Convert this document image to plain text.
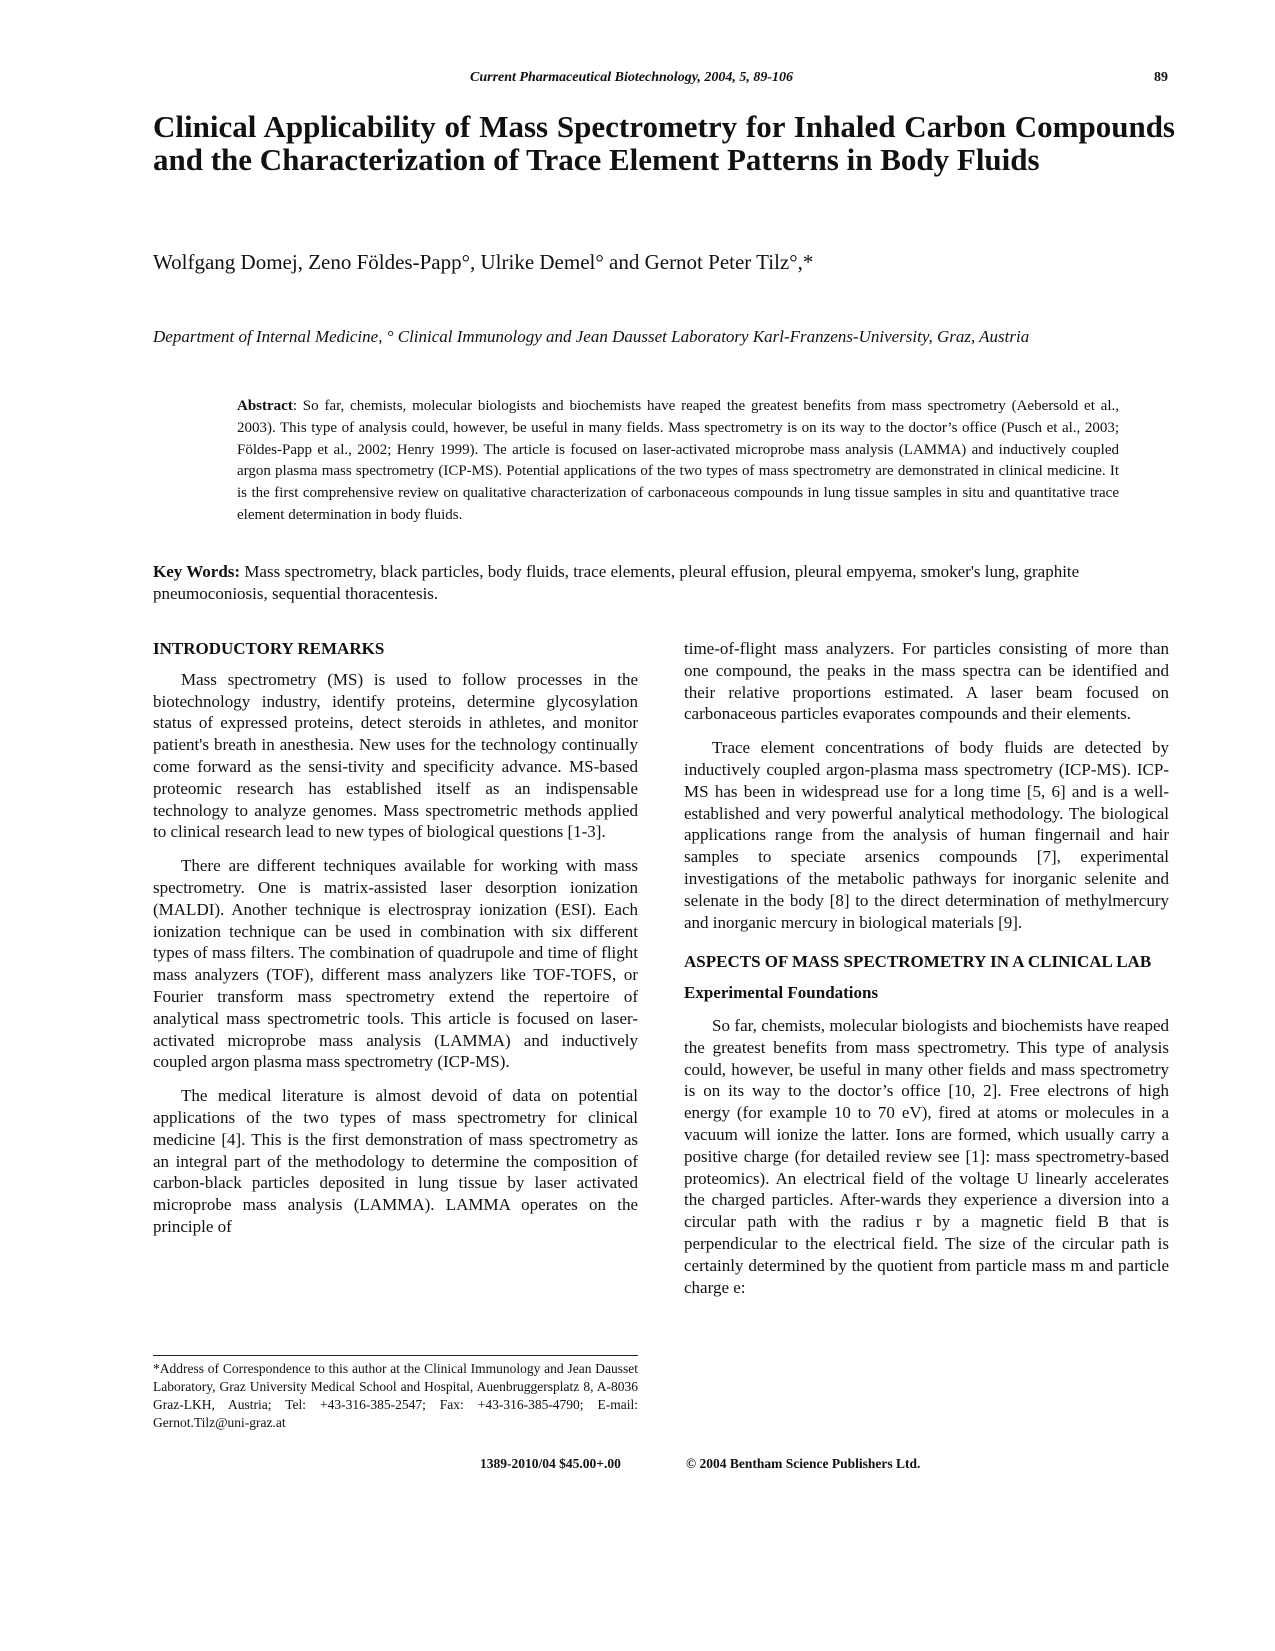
Current Pharmaceutical Biotechnology, 2004, 5, 89-106	89
Clinical Applicability of Mass Spectrometry for Inhaled Carbon Compounds and the Characterization of Trace Element Patterns in Body Fluids
Wolfgang Domej, Zeno Földes-Papp°, Ulrike Demel° and Gernot Peter Tilz°,*

Department of Internal Medicine, ° Clinical Immunology and Jean Dausset Laboratory Karl-Franzens-University, Graz, Austria

Abstract: So far, chemists, molecular biologists and biochemists have reaped the greatest benefits from mass spectrometry (Aebersold et al., 2003). This type of analysis could, however, be useful in many fields. Mass spectrometry is on its way to the doctor’s office (Pusch et al., 2003; Földes-Papp et al., 2002; Henry 1999). The article is focused on laser-activated microprobe mass analysis (LAMMA) and inductively coupled argon plasma mass spectrometry (ICP-MS). Potential applications of the two types of mass spectrometry are demonstrated in clinical medicine. It is the first comprehensive review on qualitative characterization of carbonaceous compounds in lung tissue samples in situ and quantitative trace element determination in body fluids.

Key Words: Mass spectrometry, black particles, body fluids, trace elements, pleural effusion, pleural empyema, smoker's lung, graphite pneumoconiosis, sequential thoracentesis.

INTRODUCTORY REMARKS

Mass spectrometry (MS) is used to follow processes in the biotechnology industry, identify proteins, determine glycosylation status of expressed proteins, detect steroids in athletes, and monitor patient's breath in anesthesia. New uses for the technology continually come forward as the sensi-tivity and specificity advance. MS-based proteomic research has established itself as an indispensable technology to analyze genomes. Mass spectrometric methods applied to clinical research lead to new types of biological questions [1-3].

There are different techniques available for working with mass spectrometry. One is matrix-assisted laser desorption ionization (MALDI). Another technique is electrospray ionization (ESI). Each ionization technique can be used in combination with six different types of mass filters. The combination of quadrupole and time of flight mass analyzers (TOF), different mass analyzers like TOF-TOFS, or Fourier transform mass spectrometry extend the repertoire of analytical mass spectrometric tools. This article is focused on laser-activated microprobe mass analysis (LAMMA) and inductively coupled argon plasma mass spectrometry (ICP-MS).

The medical literature is almost devoid of data on potential applications of the two types of mass spectrometry for clinical medicine [4]. This is the first demonstration of mass spectrometry as an integral part of the methodology to determine the composition of carbon-black particles deposited in lung tissue by laser activated microprobe mass analysis (LAMMA). LAMMA operates on the principle of

time-of-flight mass analyzers. For particles consisting of more than one compound, the peaks in the mass spectra can be identified and their relative proportions estimated. A laser beam focused on carbonaceous particles evaporates compounds and their elements.

Trace element concentrations of body fluids are detected by inductively coupled argon-plasma mass spectrometry (ICP-MS). ICP-MS has been in widespread use for a long time [5, 6] and is a well-established and very powerful analytical methodology. The biological applications range from the analysis of human fingernail and hair samples to speciate arsenics compounds [7], experimental investigations of the metabolic pathways for inorganic selenite and selenate in the body [8] to the direct determination of methylmercury and inorganic mercury in biological materials [9].

ASPECTS OF MASS SPECTROMETRY IN A CLINICAL LAB
Experimental Foundations

So far, chemists, molecular biologists and biochemists have reaped the greatest benefits from mass spectrometry. This type of analysis could, however, be useful in many other fields and mass spectrometry is on its way to the doctor’s office [10, 2]. Free electrons of high energy (for example 10 to 70 eV), fired at atoms or molecules in a vacuum will ionize the latter. Ions are formed, which usually carry a positive charge (for detailed review see [1]: mass spectrometry-based proteomics). An electrical field of the voltage U linearly accelerates the charged particles. After-wards they experience a diversion into a circular path with the radius r by a magnetic field B that is perpendicular to the electrical field. The size of the circular path is certainly determined by the quotient from particle mass m and particle charge e:

*Address of Correspondence to this author at the Clinical Immunology and Jean Dausset Laboratory, Graz University Medical School and Hospital, Auenbruggersplatz 8, A-8036 Graz-LKH, Austria; Tel: +43-316-385-2547; Fax: +43-316-385-4790; E-mail: Gernot.Tilz@uni-graz.at

1389-2010/04 $45.00+.00	© 2004 Bentham Science Publishers Ltd.
